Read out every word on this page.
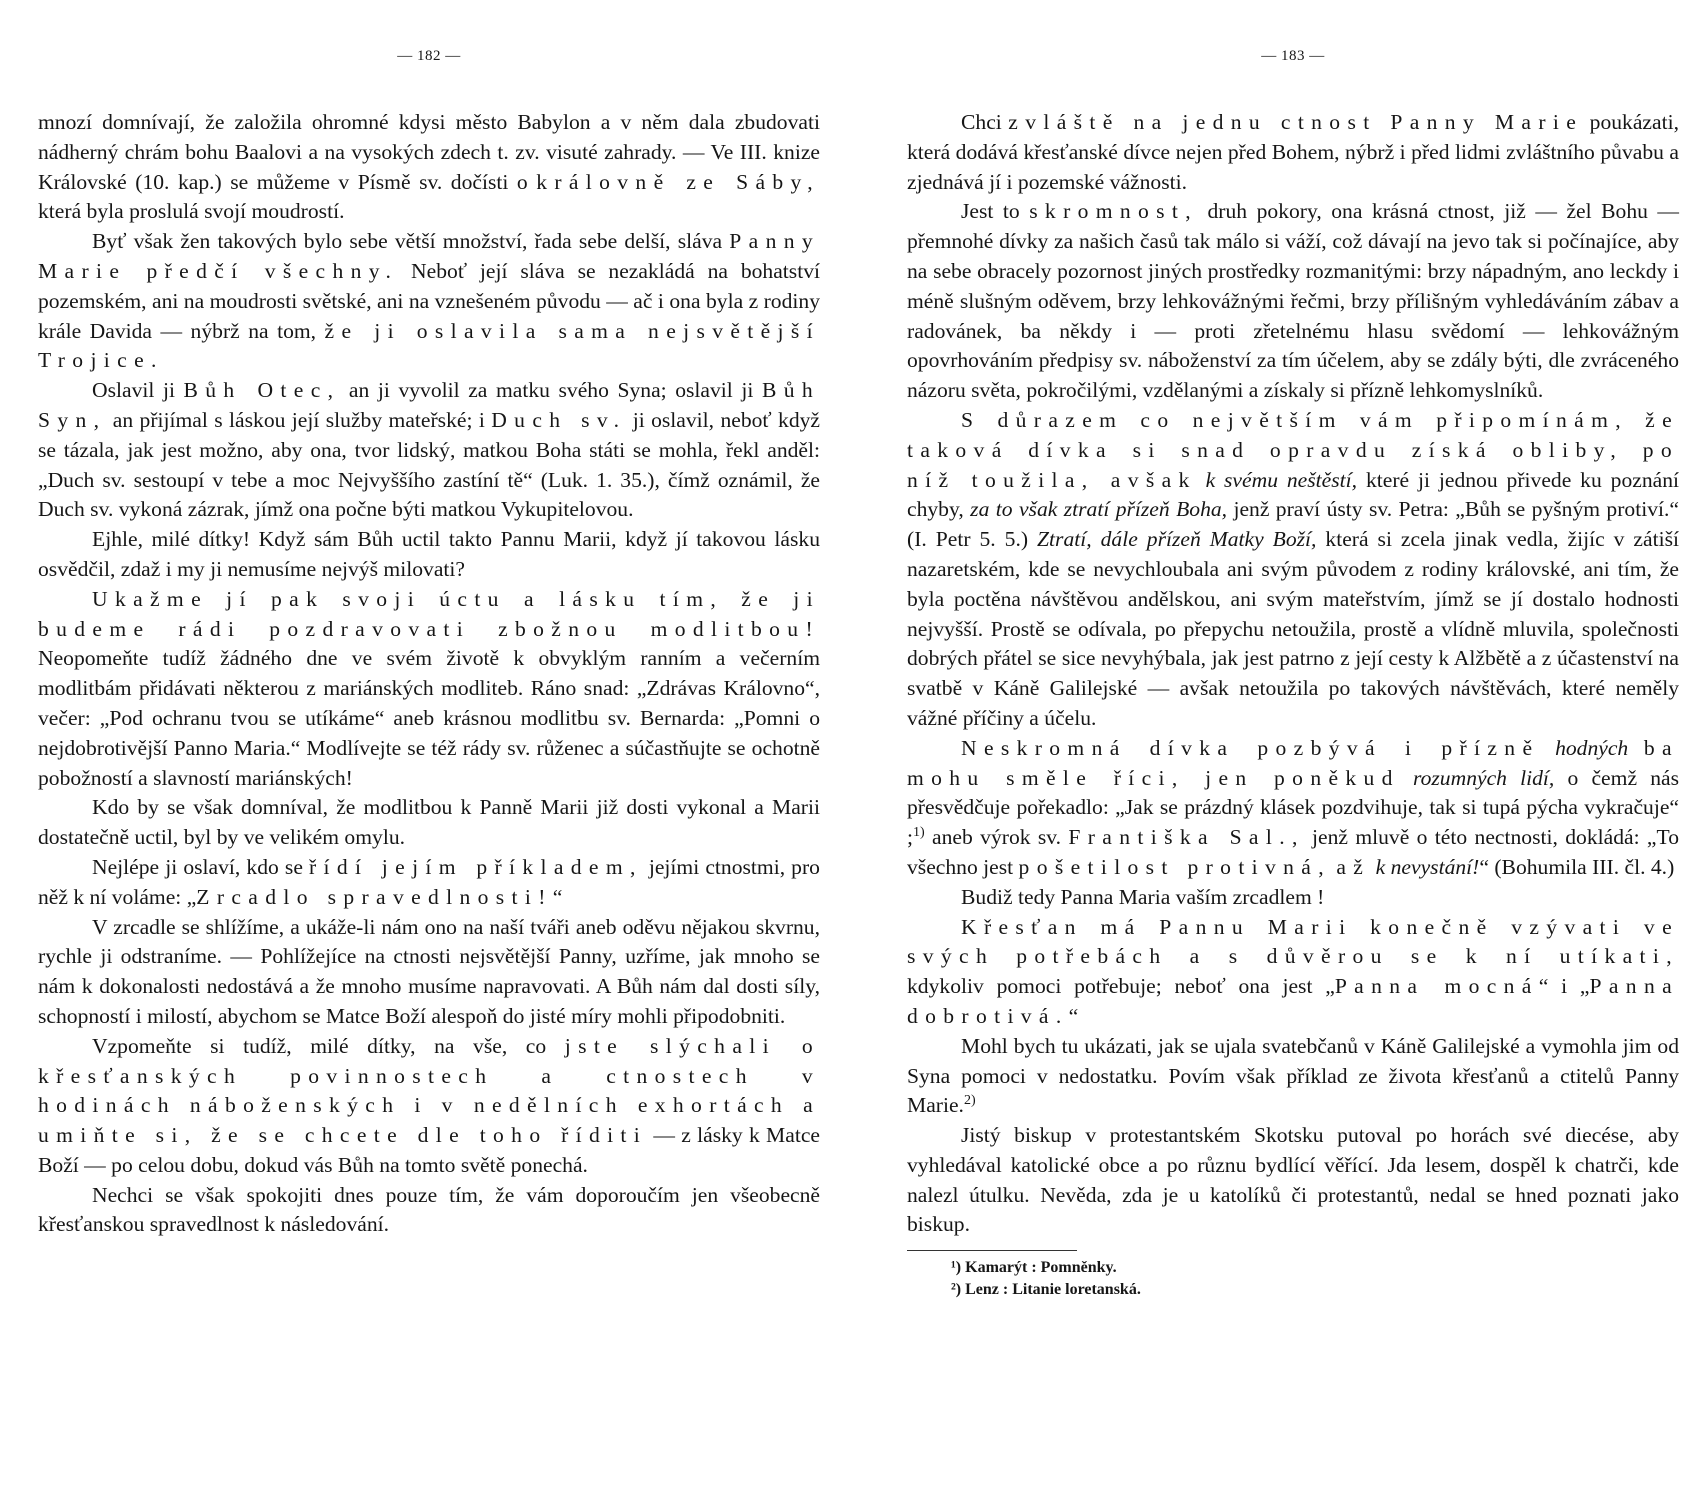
— 182 —

mnozí domnívají, že založila ohromné kdysi město Babylon a v něm dala zbudovati nádherný chrám bohu Baalovi a na vysokých zdech t. zv. visuté zahrady. — Ve III. knize Královské (10. kap.) se můžeme v Písmě sv. dočísti o královně ze Sáby, která byla proslulá svojí moudrostí.

Byť však žen takových bylo sebe větší množství, řada sebe delší, sláva Panny Marie předčí všechny. Neboť její sláva se nezakládá na bohatství pozemském, ani na moudrosti světské, ani na vznešeném původu — ač i ona byla z rodiny krále Davida — nýbrž na tom, že ji oslavila sama nejsvětější Trojice.

Oslavil ji Bůh Otec, an ji vyvolil za matku svého Syna; oslavil ji Bůh Syn, an přijímal s láskou její služby mateřské; i Duch sv. ji oslavil, neboť když se tázala, jak jest možno, aby ona, tvor lidský, matkou Boha státi se mohla, řekl anděl: „Duch sv. sestoupí v tebe a moc Nejvyššího zastíní tě“ (Luk. 1. 35.), čímž oznámil, že Duch sv. vykoná zázrak, jímž ona počne býti matkou Vykupitelovou.

Ejhle, milé dítky! Když sám Bůh uctil takto Pannu Marii, když jí takovou lásku osvědčil, zdaž i my ji nemusíme nejvýš milovati?

Ukažme jí pak svoji úctu a lásku tím, že ji budeme rádi pozdravovati zbožnou modlitbou! Neopomeňte tudíž žádného dne ve svém životě k obvyklým ranním a večerním modlitbám přidávati některou z mariánských modliteb. Ráno snad: „Zdrávas Královno“, večer: „Pod ochranu tvou se utíkáme“ aneb krásnou modlitbu sv. Bernarda: „Pomni o nejdobrotivější Panno Maria.“ Modlívejte se též rády sv. růženec a súčastňujte se ochotně pobožností a slavností mariánských!

Kdo by se však domníval, že modlitbou k Panně Marii již dosti vykonal a Marii dostatečně uctil, byl by ve velikém omylu.

Nejlépe ji oslaví, kdo se řídí jejím příkladem, jejími ctnostmi, pro něž k ní voláme: „Zrcadlo spravedlnosti!“

V zrcadle se shlížíme, a ukáže-li nám ono na naší tváři aneb oděvu nějakou skvrnu, rychle ji odstraníme. — Pohlížejíce na ctnosti nejsvětější Panny, uzříme, jak mnoho se nám k dokonalosti nedostává a že mnoho musíme napravovati. A Bůh nám dal dosti síly, schopností i milostí, abychom se Matce Boží alespoň do jisté míry mohli připodobniti.

Vzpomeňte si tudíž, milé dítky, na vše, co jste slýchali o křesťanských povinnostech a ctnostech v hodinách náboženských i v nedělních exhortách a umiňte si, že se chcete dle toho říditi — z lásky k Matce Boží — po celou dobu, dokud vás Bůh na tomto světě ponechá.

Nechci se však spokojiti dnes pouze tím, že vám doporoučím jen všeobecně křesťanskou spravedlnost k následování.

— 183 —

Chci zvláště na jednu ctnost Panny Marie poukázati, která dodává křesťanské dívce nejen před Bohem, nýbrž i před lidmi zvláštního půvabu a zjednává jí i pozemské vážnosti.

Jest to skromnost, druh pokory, ona krásná ctnost, již — žel Bohu — přemnohé dívky za našich časů tak málo si váží, což dávají na jevo tak si počínajíce, aby na sebe obracely pozornost jiných prostředky rozmanitými: brzy nápadným, ano leckdy i méně slušným oděvem, brzy lehkovážnými řečmi, brzy přílišným vyhledáváním zábav a radovánek, ba někdy i — proti zřetelnému hlasu svědomí — lehkovážným opovrhováním předpisy sv. náboženství za tím účelem, aby se zdály býti, dle zvráceného názoru světa, pokročilými, vzdělanými a získaly si přízně lehkomyslníků.

S důrazem co největším vám připomínám, že taková dívka si snad opravdu získá obliby, po níž toužila, avšak k svému neštěstí, které ji jednou přivede ku poznání chyby, za to však ztratí přízeň Boha, jenž praví ústy sv. Petra: „Bůh se pyšným protiví.“ (I. Petr 5. 5.) Ztratí, dále přízeň Matky Boží, která si zcela jinak vedla, žijíc v zátiší nazaretském, kde se nevychloubala ani svým původem z rodiny královské, ani tím, že byla poctěna návštěvou andělskou, ani svým mateřstvím, jímž se jí dostalo hodnosti nejvyšší. Prostě se odívala, po přepychu netoužila, prostě a vlídně mluvila, společnosti dobrých přátel se sice nevyhýbala, jak jest patrno z její cesty k Alžbětě a z účastenství na svatbě v Káně Galilejské — avšak netoužila po takových návštěvách, které neměly vážné příčiny a účelu.

Neskromná dívka pozbývá i přízně hodných ba mohu směle říci, jen poněkud rozumných lidí, o čemž nás přesvědčuje pořekadlo: „Jak se prázdný klásek pozdvihuje, tak si tupá pýcha vykračuje“ ;$^{1)}$ aneb výrok sv. Františka Sal., jenž mluvě o této nectnosti, dokládá: „To všechno jest pošetilost protivná, až k nevystání!“ (Bohumila III. čl. 4.)

Budiž tedy Panna Maria vaším zrcadlem !

Křesťan má Pannu Marii konečně vzývati ve svých potřebách a s důvěrou se k ní utíkati, kdykoliv pomoci potřebuje; neboť ona jest „Panna mocná“ i „Panna dobrotivá.“

Mohl bych tu ukázati, jak se ujala svatebčanů v Káně Galilejské a vymohla jim od Syna pomoci v nedostatku. Povím však příklad ze života křesťanů a ctitelů Panny Marie.$^{2)}$

Jistý biskup v protestantském Skotsku putoval po horách své diecése, aby vyhledával katolické obce a po různu bydlící věřící. Jda lesem, dospěl k chatrči, kde nalezl útulku. Nevěda, zda je u katolíků či protestantů, nedal se hned poznati jako biskup.

¹) Kamarýt : Pomněnky.

²) Lenz : Litanie loretanská.
